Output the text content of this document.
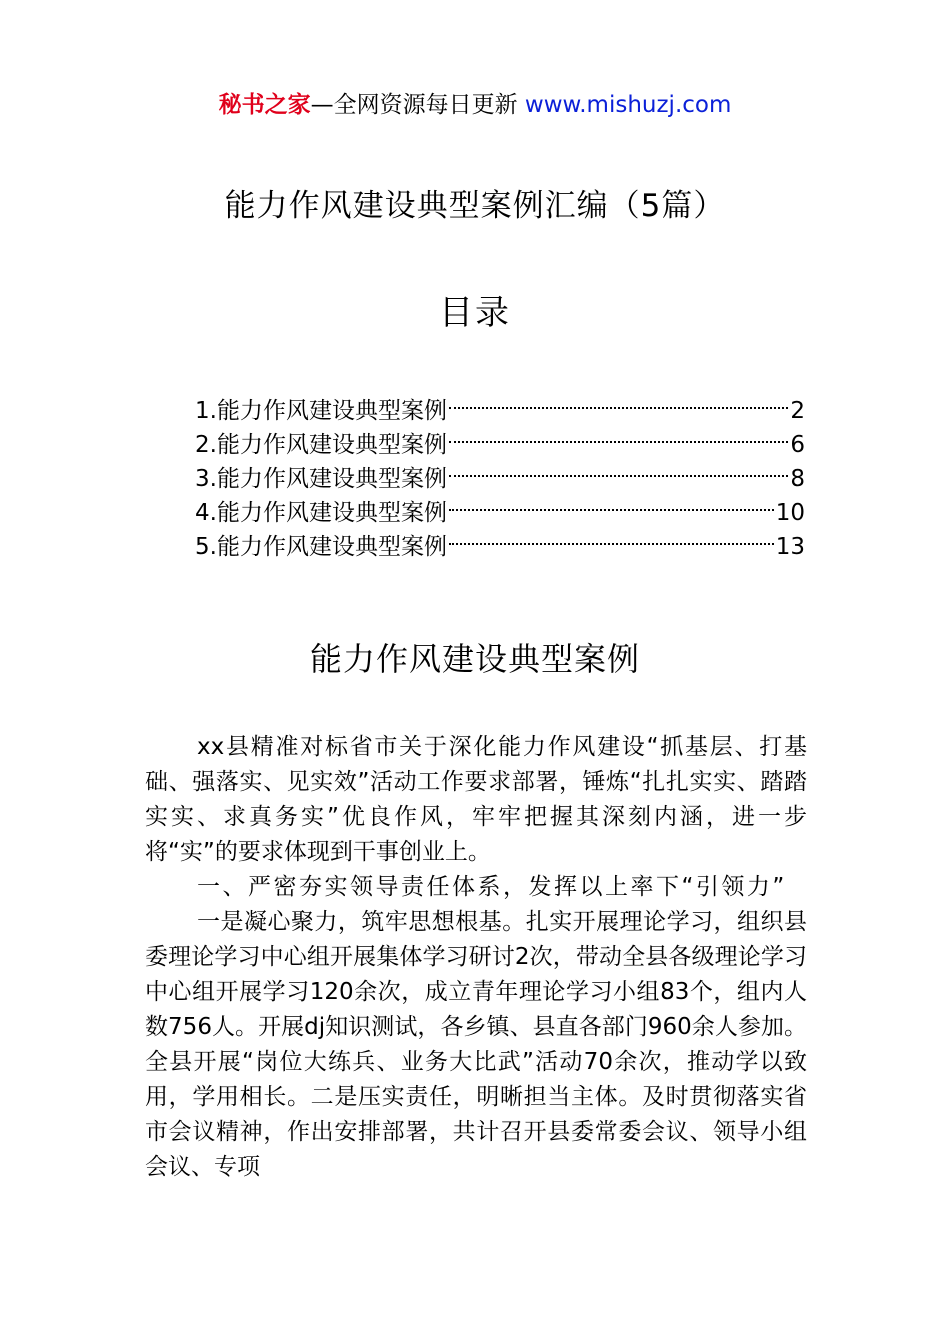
秘书之家—全网资源每日更新 www.mishuzj.com
能力作风建设典型案例汇编（5篇）
目录
1.能力作风建设典型案例	2
2.能力作风建设典型案例	6
3.能力作风建设典型案例	8
4.能力作风建设典型案例	10
5.能力作风建设典型案例	13
能力作风建设典型案例

xx县精准对标省市关于深化能力作风建设“抓基层、打基础、强落实、见实效”活动工作要求部署，锤炼“扎扎实实、踏踏实实、求真务实”优良作风，牢牢把握其深刻内涵，进一步将“实”的要求体现到干事创业上。

一、严密夯实领导责任体系，发挥以上率下“引领力”

一是凝心聚力，筑牢思想根基。扎实开展理论学习，组织县委理论学习中心组开展集体学习研讨2次，带动全县各级理论学习中心组开展学习120余次，成立青年理论学习小组83个，组内人数756人。开展dj知识测试，各乡镇、县直各部门960余人参加。全县开展“岗位大练兵、业务大比武”活动70余次，推动学以致用，学用相长。二是压实责任，明晰担当主体。及时贯彻落实省市会议精神，作出安排部署，共计召开县委常委会议、领导小组会议、专项
